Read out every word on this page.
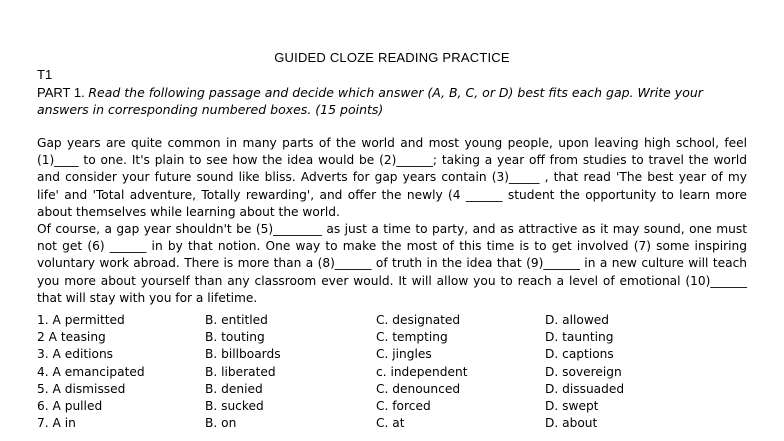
GUIDED CLOZE READING PRACTICE
T1
PART 1. Read the following passage and decide which answer (A, B, C, or D) best fits each gap. Write your answers in corresponding numbered boxes. (15 points)

Gap years are quite common in many parts of the world and most young people, upon leaving high school, feel (1)____ to one. It's plain to see how the idea would be (2)______; taking a year off from studies to travel the world and consider your future sound like bliss. Adverts for gap years contain (3)_____ , that read 'The best year of my life' and 'Total adventure, Totally rewarding', and offer the newly (4 ______ student the opportunity to learn more about themselves while learning about the world.

Of course, a gap year shouldn't be (5)________ as just a time to party, and as attractive as it may sound, one must not get (6) ______ in by that notion. One way to make the most of this time is to get involved (7) some inspiring voluntary work abroad. There is more than a (8)______ of truth in the idea that (9)______ in a new culture will teach you more about yourself than any classroom ever would. It will allow you to reach a level of emotional (10)______ that will stay with you for a lifetime.

1. A permitted	B. entitled	C. designated	D. allowed
2 A teasing	B. touting	C. tempting	D. taunting
3. A editions	B. billboards	C. jingles	D. captions
4. A emancipated	B. liberated	c. independent	D. sovereign
5. A dismissed	B. denied	C. denounced	D. dissuaded
6. A pulled	B. sucked	C. forced	D. swept
7. A in	B. on	C. at	D. about
